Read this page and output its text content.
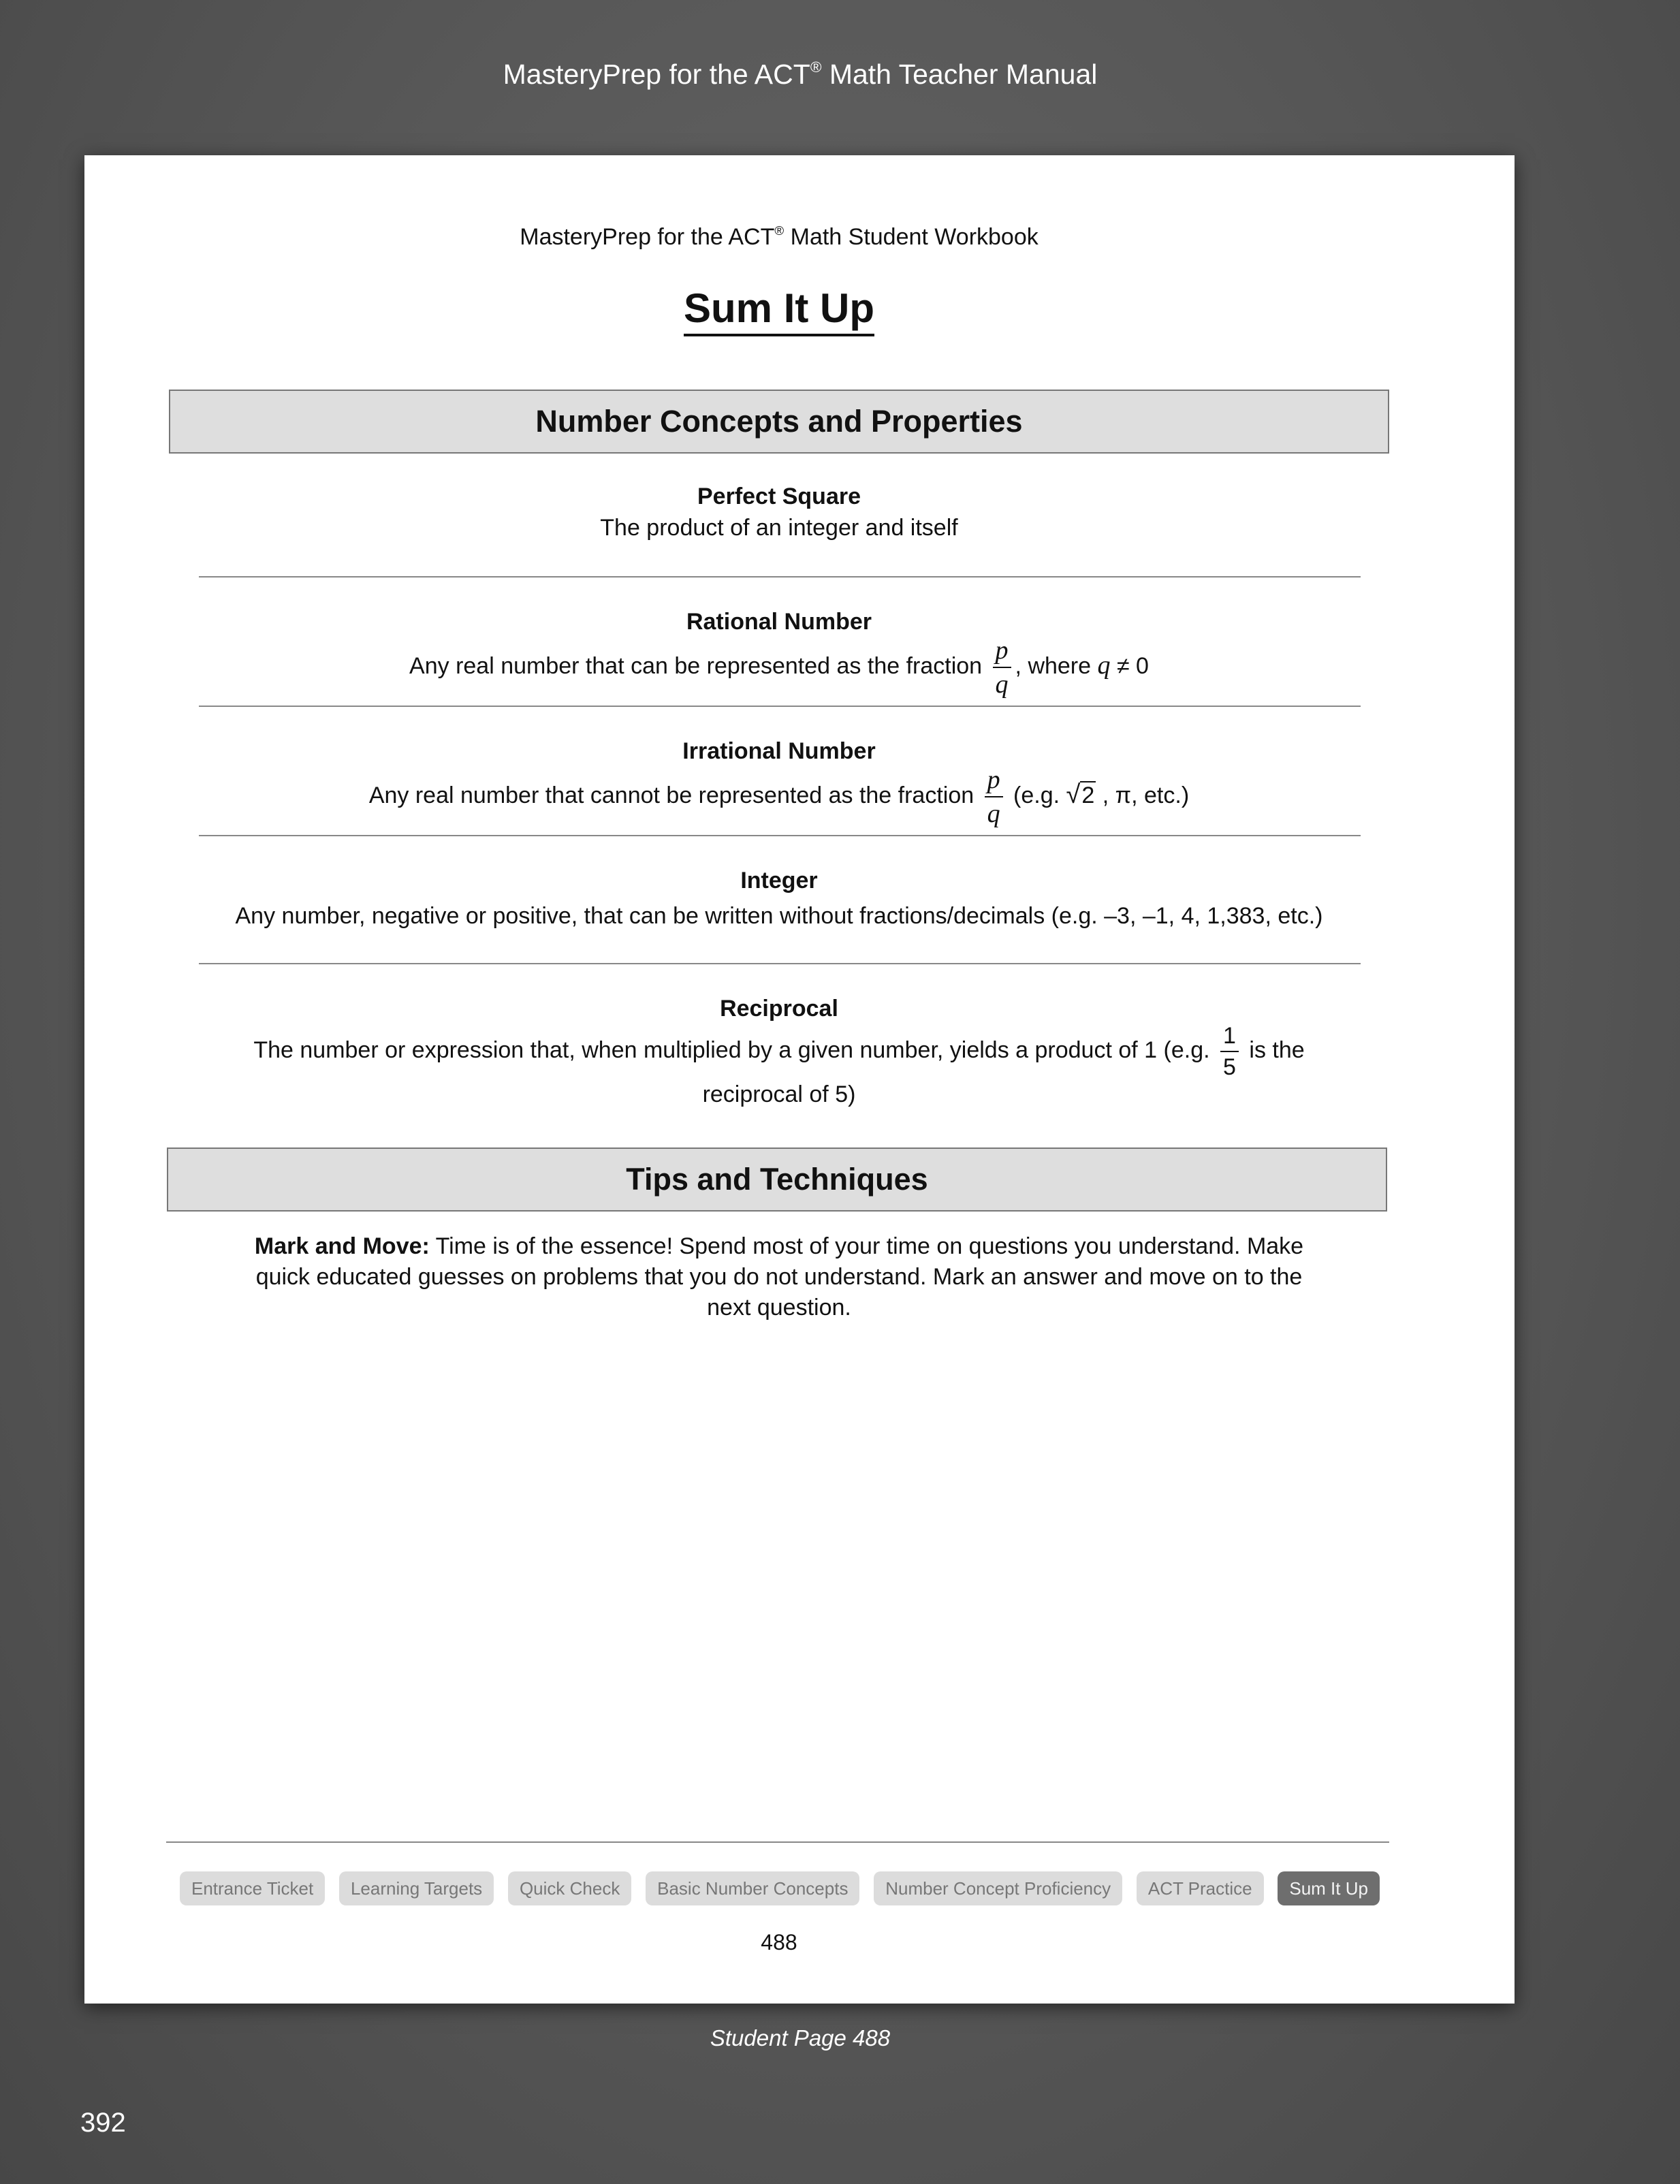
MasteryPrep for the ACT® Math Teacher Manual
MasteryPrep for the ACT® Math Student Workbook
Sum It Up
Number Concepts and Properties
Perfect Square
The product of an integer and itself
Rational Number
Any real number that can be represented as the fraction $\frac{p}{q}$ , where q ≠ 0
Irrational Number
Any real number that cannot be represented as the fraction $\frac{p}{q} (e.g$. √2 , π, etc.)
Integer
Any number, negative or positive, that can be written without fractions/decimals (e.g. –3, –1, 4, 1,383, etc.)
Reciprocal
The number or expression that, when multiplied by a given number, yields a product of 1 (e.g. $\frac{1}{5}$ is the reciprocal of 5)
Tips and Techniques
Mark and Move: Time is of the essence! Spend most of your time on questions you understand. Make quick educated guesses on problems that you do not understand. Mark an answer and move on to the next question.
Entrance Ticket	Learning Targets	Quick Check	Basic Number Concepts	Number Concept Proficiency	ACT Practice	Sum It Up
488
Student Page 488
392
